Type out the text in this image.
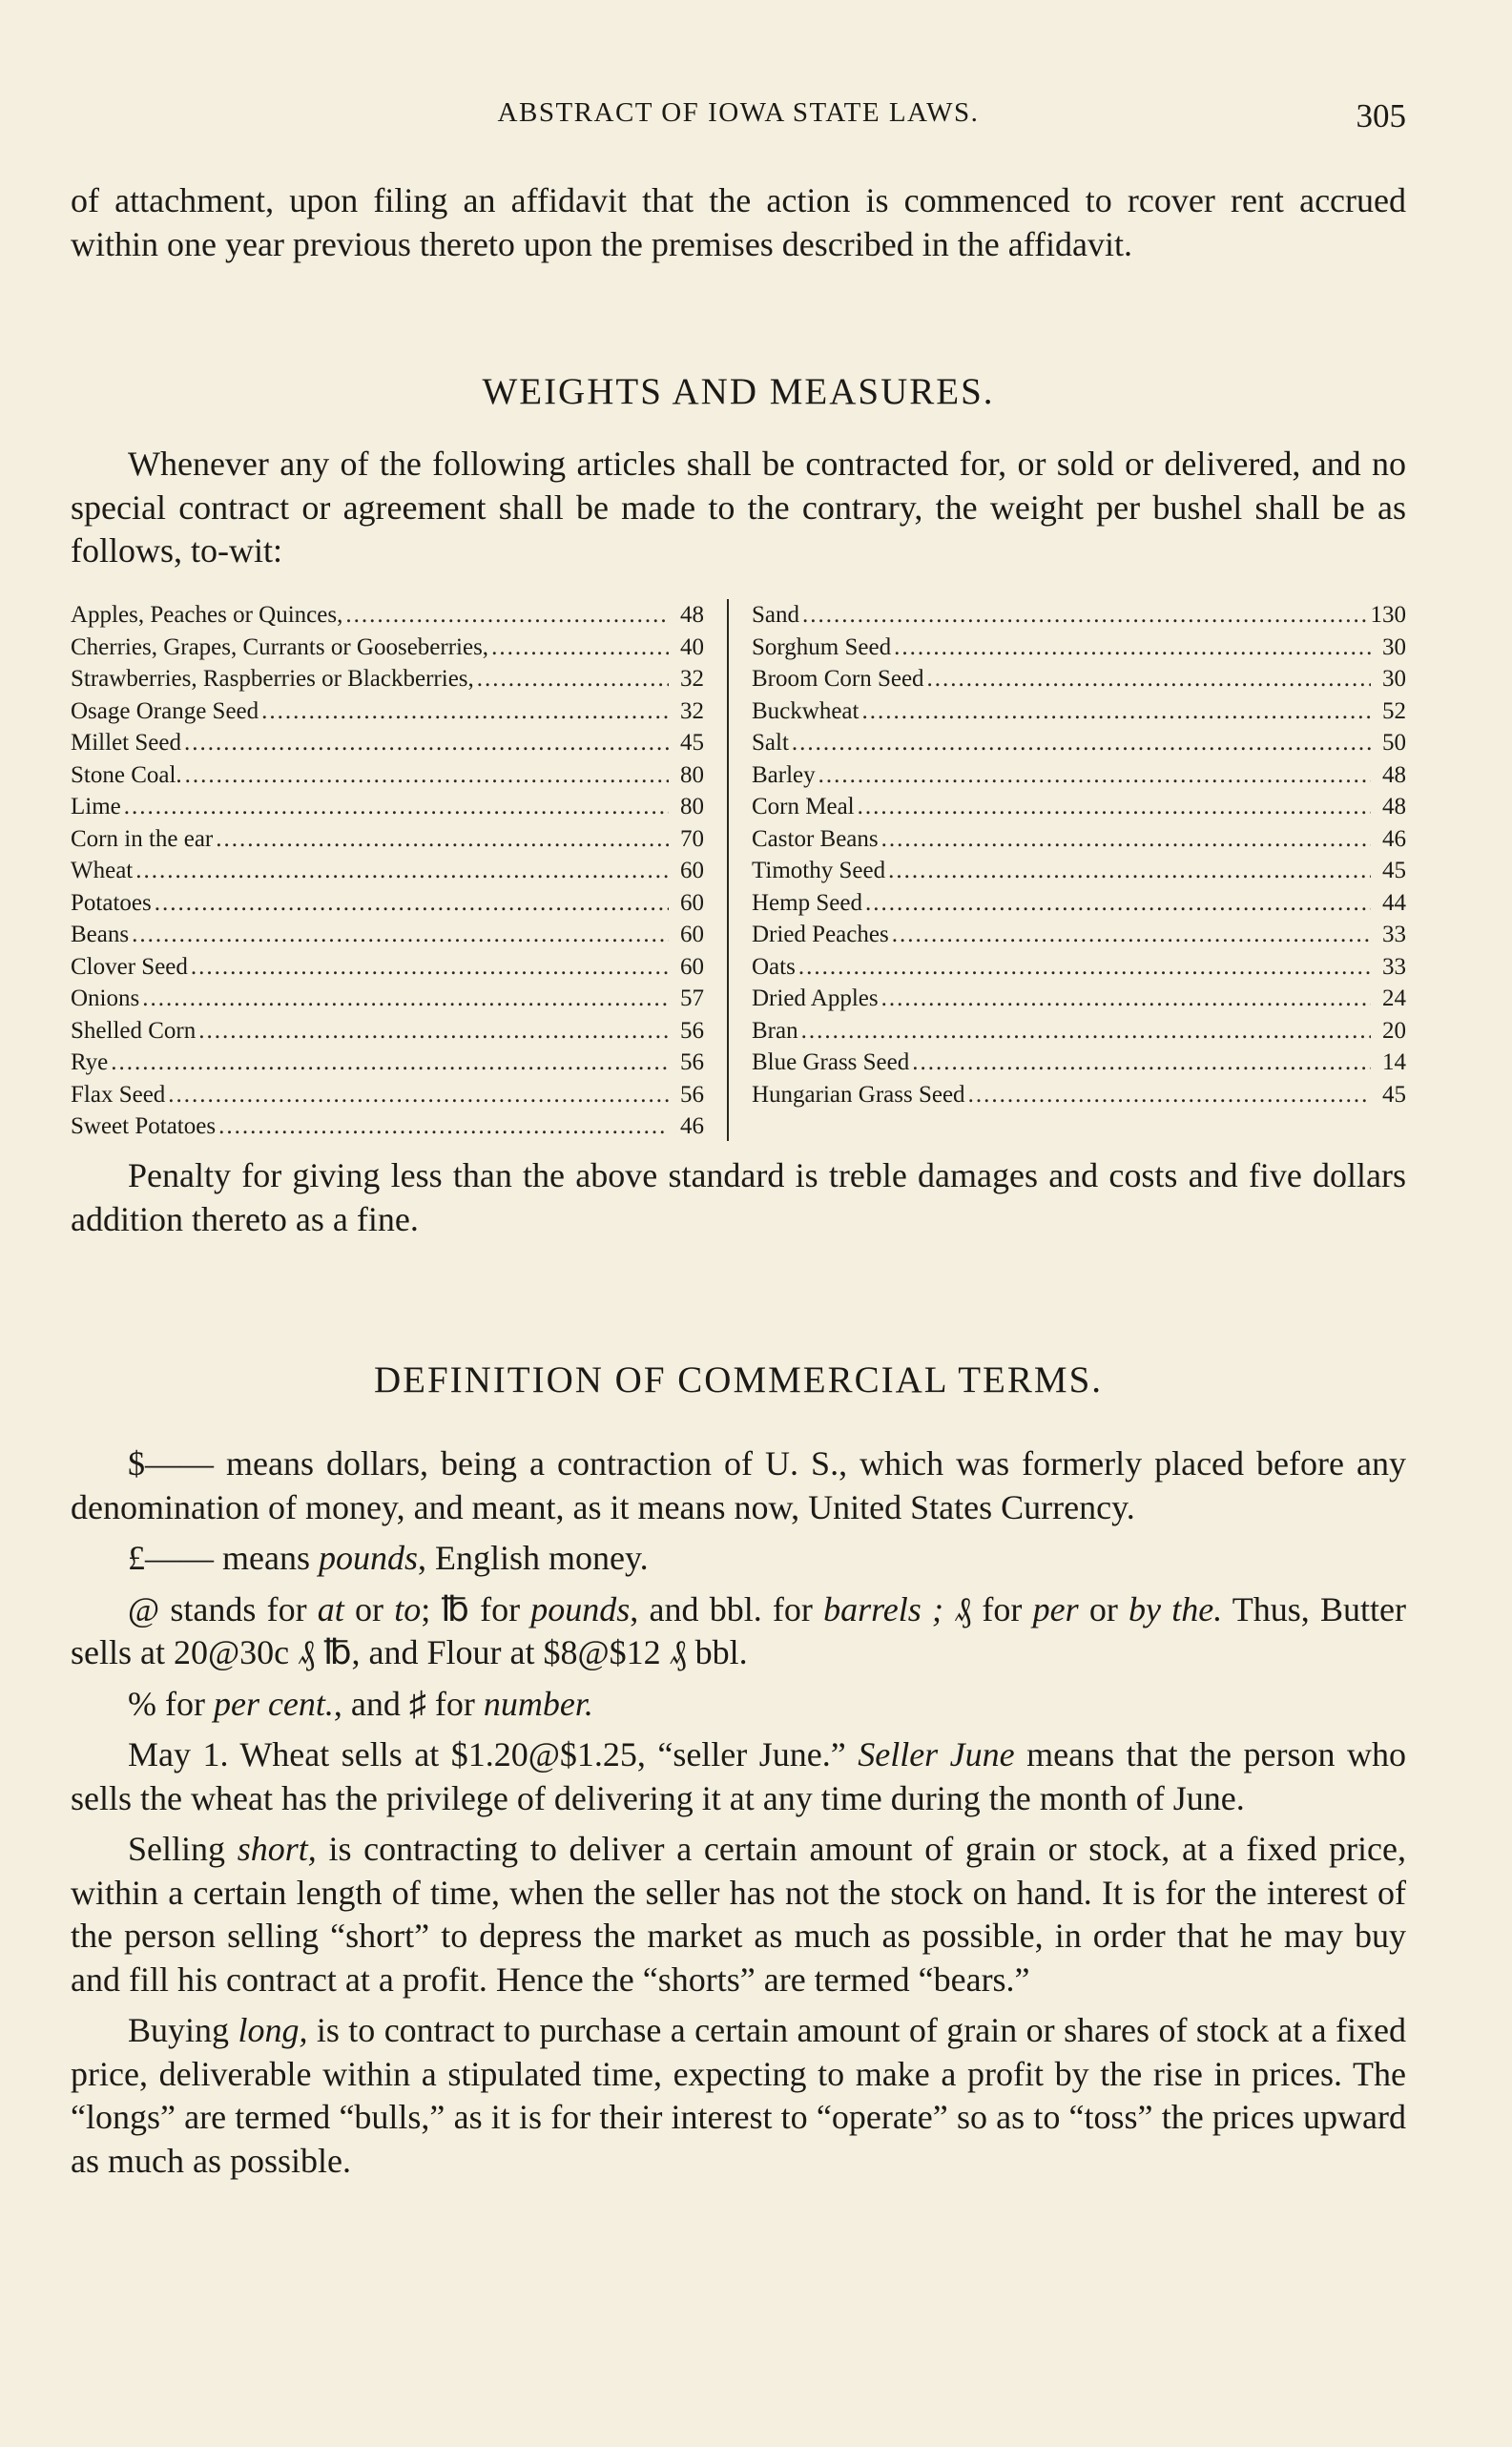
ABSTRACT OF IOWA STATE LAWS.	305

of attachment, upon filing an affidavit that the action is commenced to rcover rent accrued within one year previous thereto upon the premises described in the affidavit.

WEIGHTS AND MEASURES.

Whenever any of the following articles shall be contracted for, or sold or delivered, and no special contract or agreement shall be made to the contrary, the weight per bushel shall be as follows, to-wit:

Apples, Peaches or Quinces, .....	48
Cherries, Grapes, Currants or Gooseberries, .....	40
Strawberries, Raspberries or Blackberries, .....	32
Osage Orange Seed .....	32
Millet Seed .....	45
Stone Coal. .....	80
Lime .....	80
Corn in the ear .....	70
Wheat .....	60
Potatoes .....	60
Beans .....	60
Clover Seed .....	60
Onions .....	57
Shelled Corn .....	56
Rye .....	56
Flax Seed .....	56
Sweet Potatoes .....	46
Sand .....	130
Sorghum Seed .....	30
Broom Corn Seed .....	30
Buckwheat .....	52
Salt .....	50
Barley .....	48
Corn Meal .....	48
Castor Beans .....	46
Timothy Seed .....	45
Hemp Seed .....	44
Dried Peaches .....	33
Oats .....	33
Dried Apples .....	24
Bran .....	20
Blue Grass Seed .....	14
Hungarian Grass Seed .....	45

Penalty for giving less than the above standard is treble damages and costs and five dollars addition thereto as a fine.

DEFINITION OF COMMERCIAL TERMS.

$—— means dollars, being a contraction of U. S., which was formerly placed before any denomination of money, and meant, as it means now, United States Currency.

£—— means pounds, English money.

@ stands for at or to; ℔ for pounds, and bbl. for barrels ; ₰ for per or by the. Thus, Butter sells at 20@30c ₰ ℔, and Flour at $8@$12 ₰ bbl.

% for per cent., and ♯ for number.

May 1. Wheat sells at $1.20@$1.25, “seller June.” Seller June means that the person who sells the wheat has the privilege of delivering it at any time during the month of June.

Selling short, is contracting to deliver a certain amount of grain or stock, at a fixed price, within a certain length of time, when the seller has not the stock on hand. It is for the interest of the person selling “short” to depress the market as much as possible, in order that he may buy and fill his contract at a profit. Hence the “shorts” are termed “bears.”

Buying long, is to contract to purchase a certain amount of grain or shares of stock at a fixed price, deliverable within a stipulated time, expecting to make a profit by the rise in prices. The “longs” are termed “bulls,” as it is for their interest to “operate” so as to “toss” the prices upward as much as possible.
